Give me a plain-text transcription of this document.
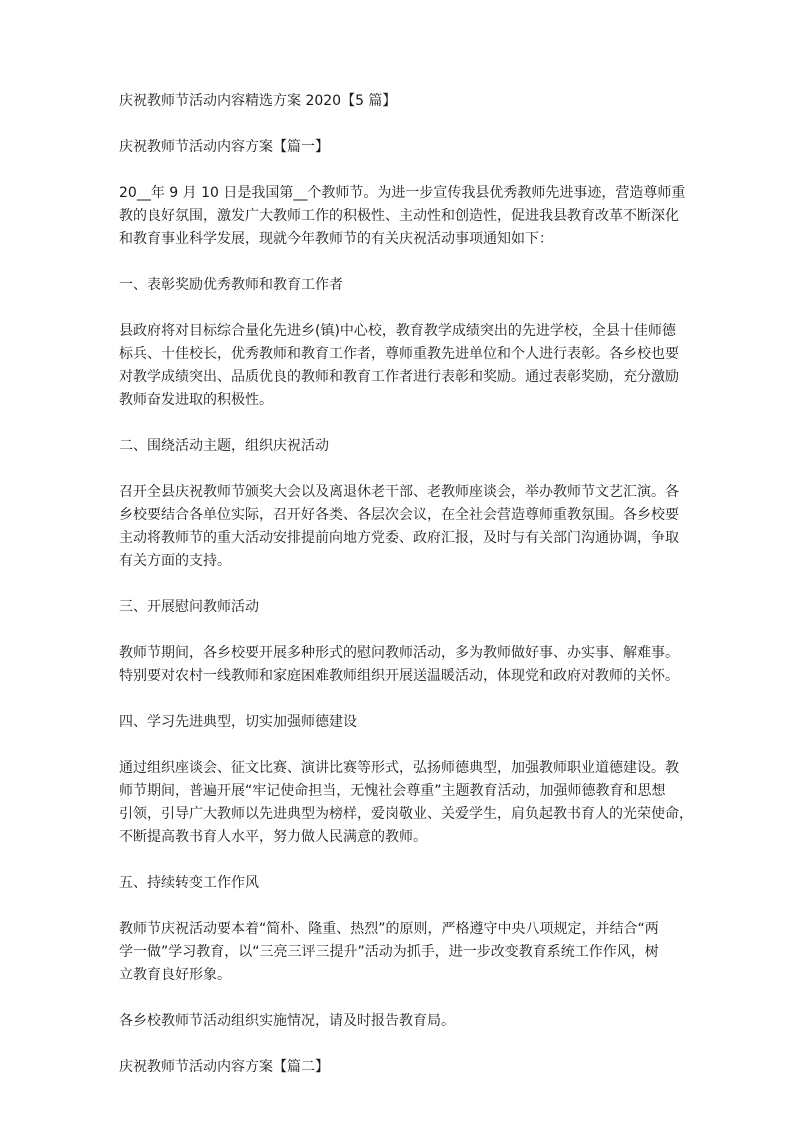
庆祝教师节活动内容精选方案 2020【5 篇】

庆祝教师节活动内容方案【篇一】

20__年 9 月 10 日是我国第__个教师节。为进一步宣传我县优秀教师先进事迹，营造尊师重
教的良好氛围，激发广大教师工作的积极性、主动性和创造性，促进我县教育改革不断深化
和教育事业科学发展，现就今年教师节的有关庆祝活动事项通知如下：

一、表彰奖励优秀教师和教育工作者

县政府将对目标综合量化先进乡(镇)中心校，教育教学成绩突出的先进学校，全县十佳师德
标兵、十佳校长，优秀教师和教育工作者，尊师重教先进单位和个人进行表彰。各乡校也要
对教学成绩突出、品质优良的教师和教育工作者进行表彰和奖励。通过表彰奖励，充分激励
教师奋发进取的积极性。

二、围绕活动主题，组织庆祝活动

召开全县庆祝教师节颁奖大会以及离退休老干部、老教师座谈会，举办教师节文艺汇演。各
乡校要结合各单位实际，召开好各类、各层次会议，在全社会营造尊师重教氛围。各乡校要
主动将教师节的重大活动安排提前向地方党委、政府汇报，及时与有关部门沟通协调，争取
有关方面的支持。

三、开展慰问教师活动

教师节期间，各乡校要开展多种形式的慰问教师活动，多为教师做好事、办实事、解难事。
特别要对农村一线教师和家庭困难教师组织开展送温暖活动，体现党和政府对教师的关怀。

四、学习先进典型，切实加强师德建设

通过组织座谈会、征文比赛、演讲比赛等形式，弘扬师德典型，加强教师职业道德建设。教
师节期间，普遍开展“牢记使命担当，无愧社会尊重”主题教育活动，加强师德教育和思想
引领，引导广大教师以先进典型为榜样，爱岗敬业、关爱学生，肩负起教书育人的光荣使命，
不断提高教书育人水平，努力做人民满意的教师。

五、持续转变工作作风

教师节庆祝活动要本着“简朴、隆重、热烈”的原则，严格遵守中央八项规定，并结合“两
学一做”学习教育，以“三亮三评三提升”活动为抓手，进一步改变教育系统工作作风，树
立教育良好形象。

各乡校教师节活动组织实施情况，请及时报告教育局。

庆祝教师节活动内容方案【篇二】
